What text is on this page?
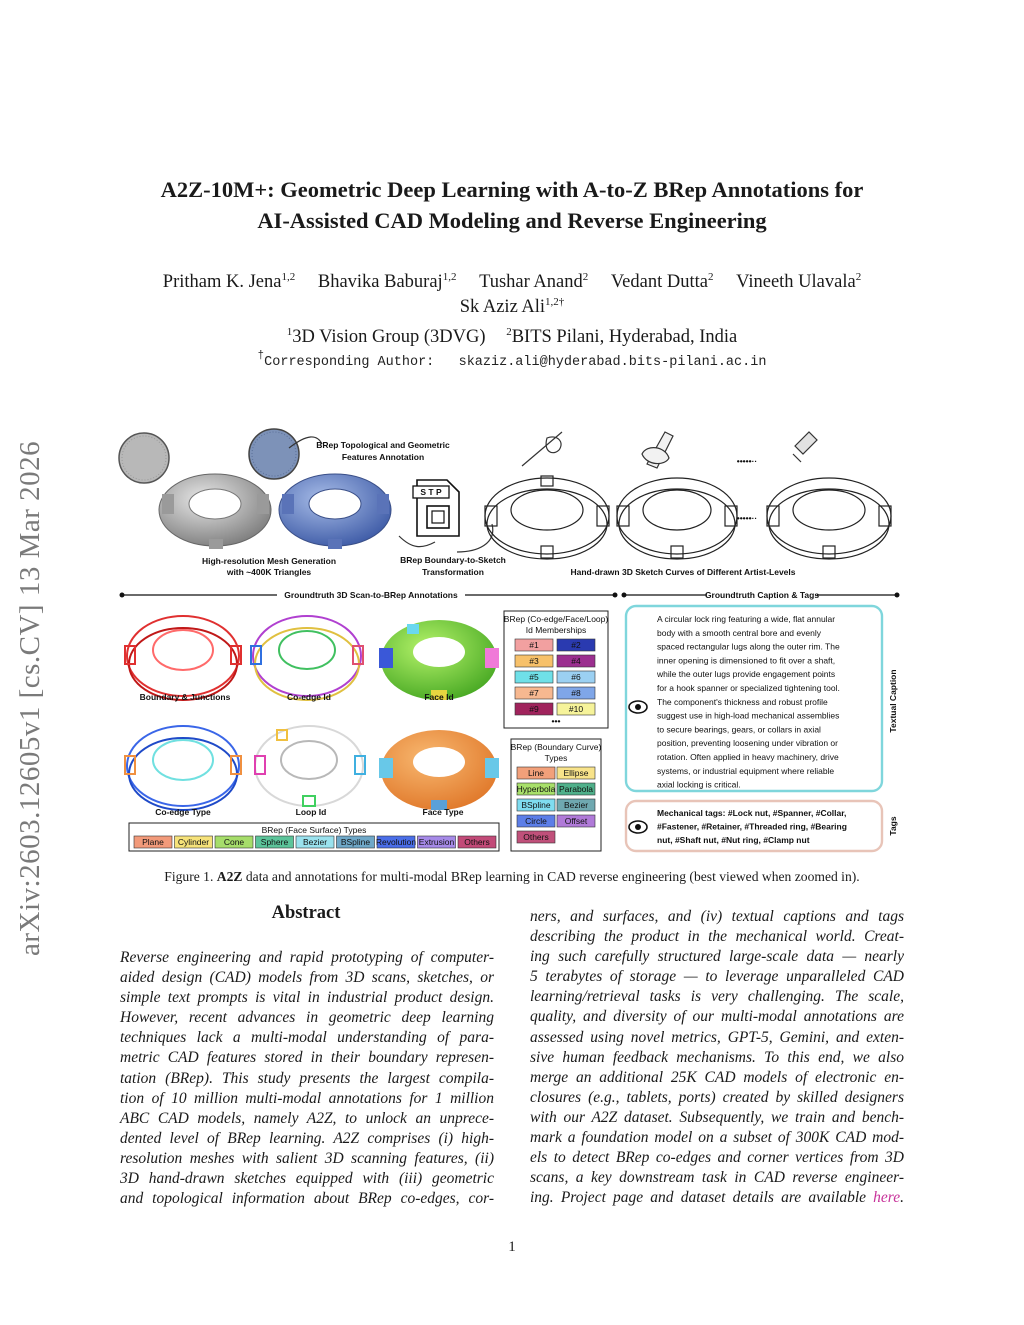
arXiv:2603.12605v1 [cs.CV] 13 Mar 2026
A2Z-10M+: Geometric Deep Learning with A-to-Z BRep Annotations for
AI-Assisted CAD Modeling and Reverse Engineering
Pritham K. Jena$^{1,2}$ Bhavika Baburaj$^{1,2}$ Tushar Anand$^2$ Vedant Dutta$^2$ Vineeth Ulavala$^2$
Sk Aziz Ali$^{1,2\dagger}$
$^1$3D Vision Group (3DVG) $^2$BITS Pilani, Hyderabad, India
†Corresponding Author: skaziz.ali@hyderabad.bits-pilani.ac.in
BRep Topological and Geometric
Features Annotation
High-resolution Mesh Generation
with ~400K Triangles
S T P
BRep Boundary-to-Sketch
Transformation
•••••··
•••••··
Hand-drawn 3D Sketch Curves of Different Artist-Levels
Groundtruth 3D Scan-to-BRep Annotations	Groundtruth Caption & Tags
Boundary & Junctions	Co-edge Id	Face Id
Co-edge Type	Loop Id	Face Type
BRep (Co-edge/Face/Loop)
Id Memberships
#1	#2
#3	#4
#5	#6
#7	#8
#9	#10
•••
BRep (Boundary Curve)
Types
Line Ellipse
Hyperbola Parabola
BSpline Bezier
Circle Offset
Others
BRep (Face Surface) Types
Plane Cylinder Cone Sphere Bezier BSpline Revolution Extrusion Others
A circular lock ring featuring a wide, flat annular
body with a smooth central bore and evenly
spaced rectangular lugs along the outer rim. The
inner opening is dimensioned to fit over a shaft,
while the outer lugs provide engagement points
for a hook spanner or specialized tightening tool.
The component's thickness and robust profile
suggest use in high-load mechanical assemblies
to secure bearings, gears, or collars in axial
position, preventing loosening under vibration or
rotation. Often applied in heavy machinery, drive
systems, or industrial equipment where reliable
axial locking is critical.
Textual Caption
Mechanical tags: #Lock nut, #Spanner, #Collar,
#Fastener, #Retainer, #Threaded ring, #Bearing
nut, #Shaft nut, #Nut ring, #Clamp nut
Tags
Figure 1. A2Z data and annotations for multi-modal BRep learning in CAD reverse engineering (best viewed when zoomed in).
Abstract
Reverse engineering and rapid prototyping of computer-
aided design (CAD) models from 3D scans, sketches, or
simple text prompts is vital in industrial product design.
However, recent advances in geometric deep learning
techniques lack a multi-modal understanding of para-
metric CAD features stored in their boundary represen-
tation (BRep). This study presents the largest compila-
tion of 10 million multi-modal annotations for 1 million
ABC CAD models, namely A2Z, to unlock an unprece-
dented level of BRep learning. A2Z comprises (i) high-
resolution meshes with salient 3D scanning features, (ii)
3D hand-drawn sketches equipped with (iii) geometric
and topological information about BRep co-edges, cor-
ners, and surfaces, and (iv) textual captions and tags
describing the product in the mechanical world. Creat-
ing such carefully structured large-scale data — nearly
5 terabytes of storage — to leverage unparalleled CAD
learning/retrieval tasks is very challenging. The scale,
quality, and diversity of our multi-modal annotations are
assessed using novel metrics, GPT-5, Gemini, and exten-
sive human feedback mechanisms. To this end, we also
merge an additional 25K CAD models of electronic en-
closures (e.g., tablets, ports) created by skilled designers
with our A2Z dataset. Subsequently, we train and bench-
mark a foundation model on a subset of 300K CAD mod-
els to detect BRep co-edges and corner vertices from 3D
scans, a key downstream task in CAD reverse engineer-
ing. Project page and dataset details are available here.
1
